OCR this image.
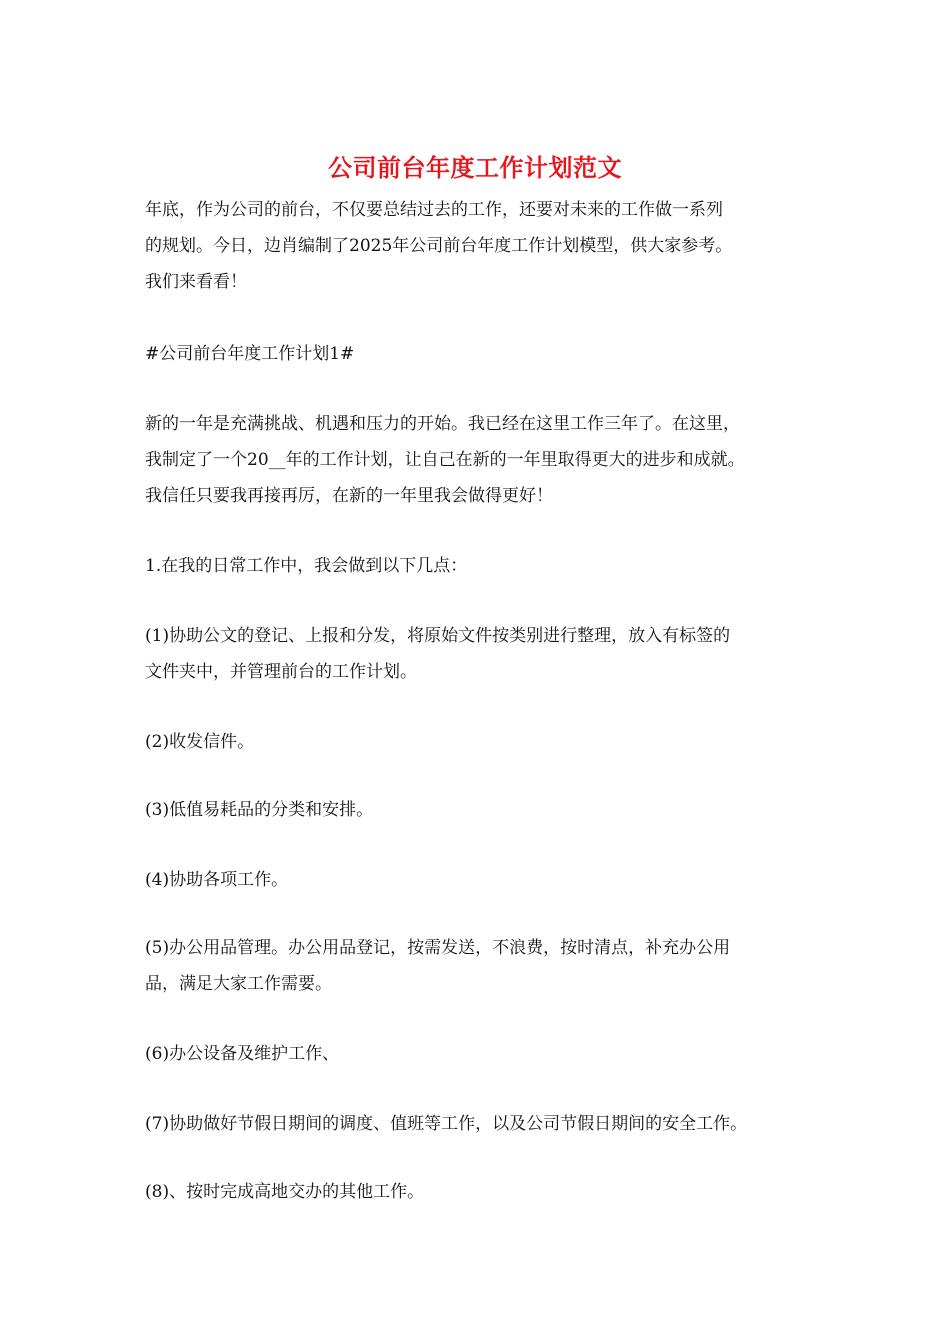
公司前台年度工作计划范文

年底，作为公司的前台，不仅要总结过去的工作，还要对未来的工作做一系列
的规划。今日，边肖编制了2025年公司前台年度工作计划模型，供大家参考。
我们来看看！

#公司前台年度工作计划1#

新的一年是充满挑战、机遇和压力的开始。我已经在这里工作三年了。在这里，
我制定了一个20__年的工作计划，让自己在新的一年里取得更大的进步和成就。
我信任只要我再接再厉，在新的一年里我会做得更好！

1.在我的日常工作中，我会做到以下几点：

(1)协助公文的登记、上报和分发，将原始文件按类别进行整理，放入有标签的
文件夹中，并管理前台的工作计划。

(2)收发信件。

(3)低值易耗品的分类和安排。

(4)协助各项工作。

(5)办公用品管理。办公用品登记，按需发送，不浪费，按时清点，补充办公用
品，满足大家工作需要。

(6)办公设备及维护工作、

(7)协助做好节假日期间的调度、值班等工作，以及公司节假日期间的安全工作。

(8)、按时完成高地交办的其他工作。
